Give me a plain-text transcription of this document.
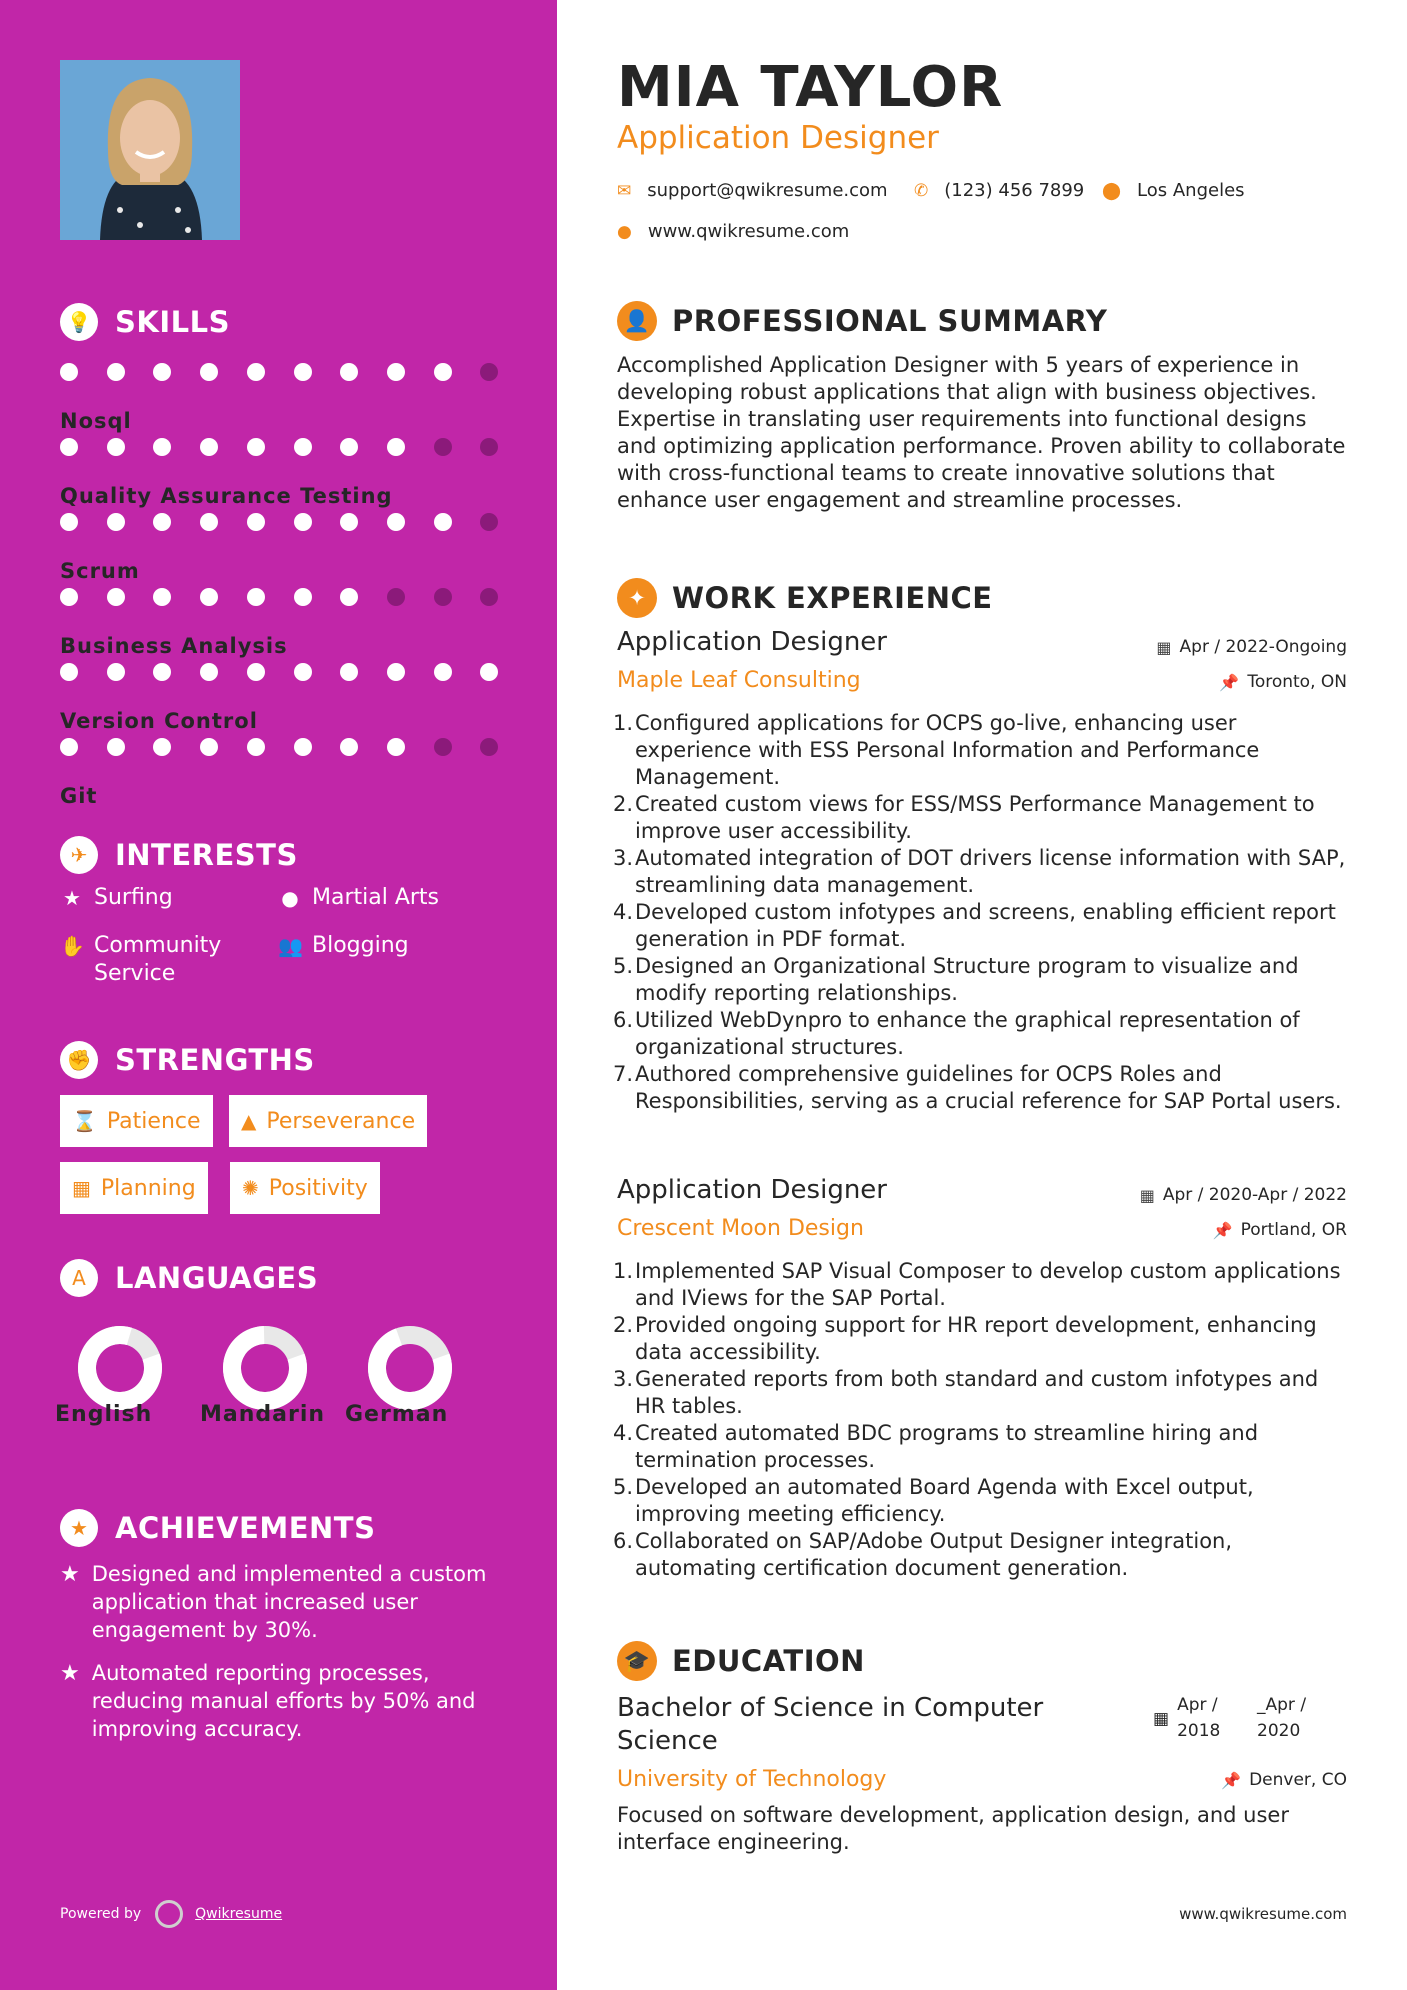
💡 SKILLS
Nosql
Quality Assurance Testing
Scrum
Business Analysis
Version Control
Git
✈ INTERESTS
★ Surfing	● Martial Arts
✋ Community
Service
👥 Blogging
✊ STRENGTHS
⌛ Patience ▲ Perseverance
▦ Planning ✺ Positivity
A	LANGUAGES
English Mandarin German
★ ACHIEVEMENTS
★ Designed and implemented a custom application that increased user engagement by 30%.
★ Automated reporting processes, reducing manual efforts by 50% and improving accuracy.
Powered by	Qwikresume
MIA TAYLOR
Application Designer
✉ support@qwikresume.com ✆ (123) 456 7899 ⬤ Los Angeles
● www.qwikresume.com
👤 PROFESSIONAL SUMMARY
Accomplished Application Designer with 5 years of experience in developing robust applications that align with business objectives. Expertise in translating user requirements into functional designs and optimizing application performance. Proven ability to collaborate with cross-functional teams to create innovative solutions that enhance user engagement and streamline processes.
✦ WORK EXPERIENCE
Application Designer	▦ Apr / 2022-Ongoing
Maple Leaf Consulting	📌 Toronto, ON
1. Configured applications for OCPS go-live, enhancing user experience with ESS Personal Information and Performance Management.
2. Created custom views for ESS/MSS Performance Management to improve user accessibility.
3. Automated integration of DOT drivers license information with SAP, streamlining data management.
4. Developed custom infotypes and screens, enabling efficient report generation in PDF format.
5. Designed an Organizational Structure program to visualize and modify reporting relationships.
6. Utilized WebDynpro to enhance the graphical representation of organizational structures.
7. Authored comprehensive guidelines for OCPS Roles and Responsibilities, serving as a crucial reference for SAP Portal users.
Application Designer	▦ Apr / 2020-Apr / 2022
Crescent Moon Design	📌 Portland, OR
1. Implemented SAP Visual Composer to develop custom applications and IViews for the SAP Portal.
2. Provided ongoing support for HR report development, enhancing data accessibility.
3. Generated reports from both standard and custom infotypes and HR tables.
4. Created automated BDC programs to streamline hiring and termination processes.
5. Developed an automated Board Agenda with Excel output, improving meeting efficiency.
6. Collaborated on SAP/Adobe Output Designer integration, automating certification document generation.
🎓 EDUCATION
Bachelor of Science in Computer Science
▦
Apr /
2018
_Apr /
2020
University of Technology	📌 Denver, CO
Focused on software development, application design, and user interface engineering.
www.qwikresume.com
